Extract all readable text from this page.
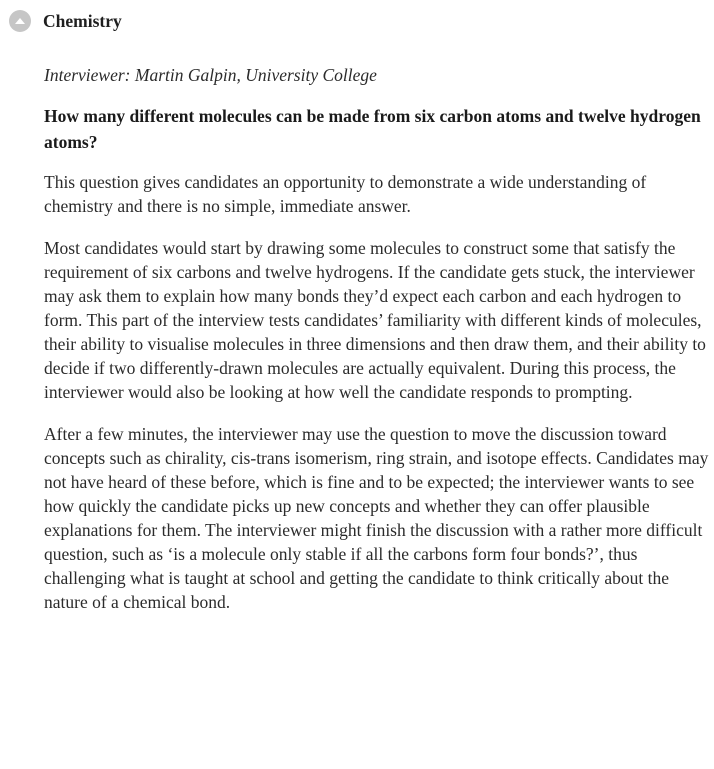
Chemistry

Interviewer: Martin Galpin, University College

How many different molecules can be made from six carbon atoms and twelve hydrogen atoms?

This question gives candidates an opportunity to demonstrate a wide understanding of chemistry and there is no simple, immediate answer.

Most candidates would start by drawing some molecules to construct some that satisfy the requirement of six carbons and twelve hydrogens. If the candidate gets stuck, the interviewer may ask them to explain how many bonds they’d expect each carbon and each hydrogen to form. This part of the interview tests candidates’ familiarity with different kinds of molecules, their ability to visualise molecules in three dimensions and then draw them, and their ability to decide if two differently-drawn molecules are actually equivalent. During this process, the interviewer would also be looking at how well the candidate responds to prompting.

After a few minutes, the interviewer may use the question to move the discussion toward concepts such as chirality, cis-trans isomerism, ring strain, and isotope effects. Candidates may not have heard of these before, which is fine and to be expected; the interviewer wants to see how quickly the candidate picks up new concepts and whether they can offer plausible explanations for them. The interviewer might finish the discussion with a rather more difficult question, such as ‘is a molecule only stable if all the carbons form four bonds?’, thus challenging what is taught at school and getting the candidate to think critically about the nature of a chemical bond.
